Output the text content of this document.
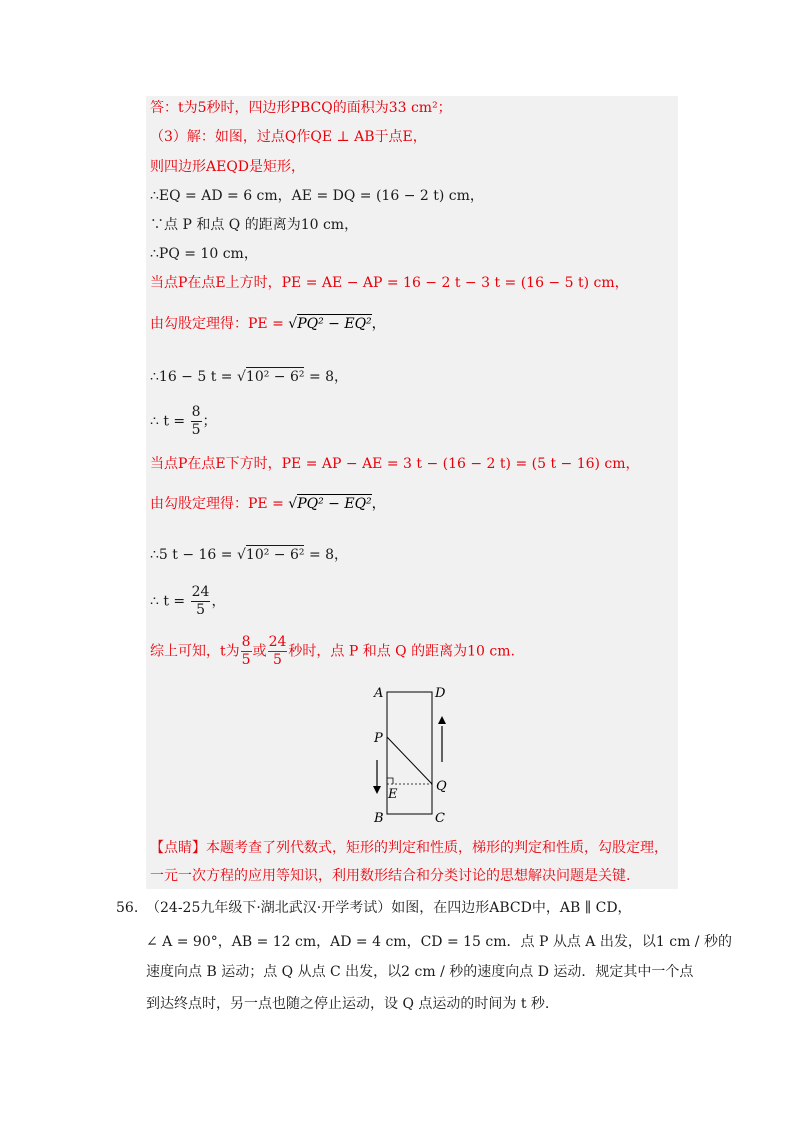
答：t为5秒时，四边形PBCQ的面积为33 cm²；
（3）解：如图，过点Q作QE ⊥ AB于点E，
则四边形AEQD是矩形，
∴EQ = AD = 6 cm，AE = DQ = (16 − 2 t) cm，
∵点 P 和点 Q 的距离为10 cm，
∴PQ = 10 cm，
当点P在点E上方时，PE = AE − AP = 16 − 2 t − 3 t = (16 − 5 t) cm，
由勾股定理得：PE = √PQ² − EQ²，
∴16 − 5 t = √10² − 6² = 8，
∴ $t = \frac{8}{5}$ ；
当点P在点E下方时，PE = AP − AE = 3 t − (16 − 2 t) = (5 t − 16) cm，
由勾股定理得：PE = √PQ² − EQ²，
∴5 t − 16 = √10² − 6² = 8，
∴ $t = \frac{24}{5}$ ，
综上可知，t为 $\frac{8}{5}$ 或 $\frac{24}{5}$ 秒时，点 P 和点 Q 的距离为10 cm.
A	D
P
Q
E
B	C
【点睛】本题考查了列代数式，矩形的判定和性质，梯形的判定和性质，勾股定理，
一元一次方程的应用等知识，利用数形结合和分类讨论的思想解决问题是关键.
56. （24-25九年级下·湖北武汉·开学考试）如图，在四边形ABCD中，AB ∥ CD，
∠ A = 90°，AB = 12 cm，AD = 4 cm，CD = 15 cm．点 P 从点 A 出发，以1 cm / 秒的
速度向点 B 运动；点 Q 从点 C 出发，以2 cm / 秒的速度向点 D 运动．规定其中一个点
到达终点时，另一点也随之停止运动，设 Q 点运动的时间为 t 秒.
